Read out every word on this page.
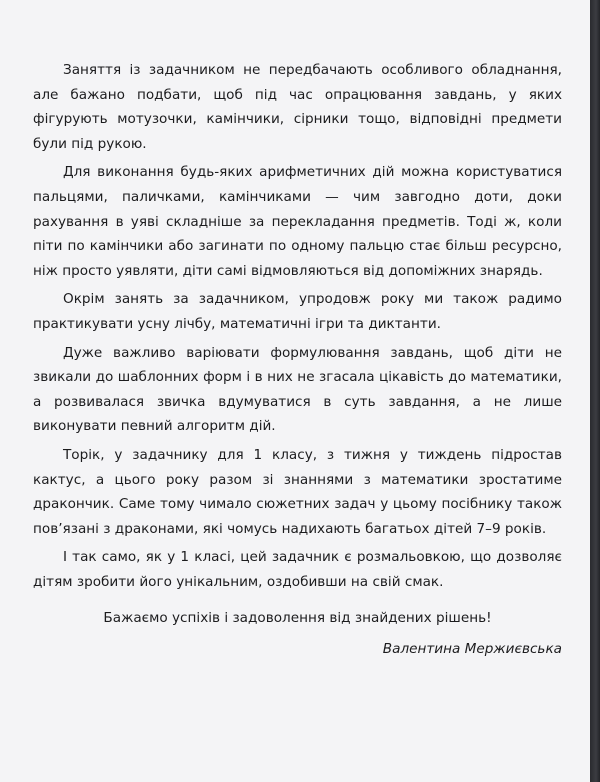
Заняття із задачником не передбачають особливого обладнання, але бажано подбати, щоб під час опрацювання завдань, у яких фігурують мотузочки, камінчики, сірники тощо, відповідні предмети були під рукою.

Для виконання будь-яких арифметичних дій можна користуватися пальцями, паличками, камінчиками — чим завгодно доти, доки рахування в уяві складніше за перекладання предметів. Тоді ж, коли піти по камінчики або загинати по одному пальцю стає більш ресурсно, ніж просто уявляти, діти самі відмовляються від допоміжних знарядь.

Окрім занять за задачником, упродовж року ми також радимо практикувати усну лічбу, математичні ігри та диктанти.

Дуже важливо варіювати формулювання завдань, щоб діти не звикали до шаблонних форм і в них не згасала цікавість до математики, а розвивалася звичка вдумуватися в суть завдання, а не лише виконувати певний алгоритм дій.

Торік, у задачнику для 1 класу, з тижня у тиждень підростав кактус, а цього року разом зі знаннями з математики зростатиме дракончик. Саме тому чимало сюжетних задач у цьому посібнику також пов’язані з драконами, які чомусь надихають багатьох дітей 7–9 років.

І так само, як у 1 класі, цей задачник є розмальовкою, що дозволяє дітям зробити його унікальним, оздобивши на свій смак.

Бажаємо успіхів і задоволення від знайдених рішень!

Валентина Мержиєвська
